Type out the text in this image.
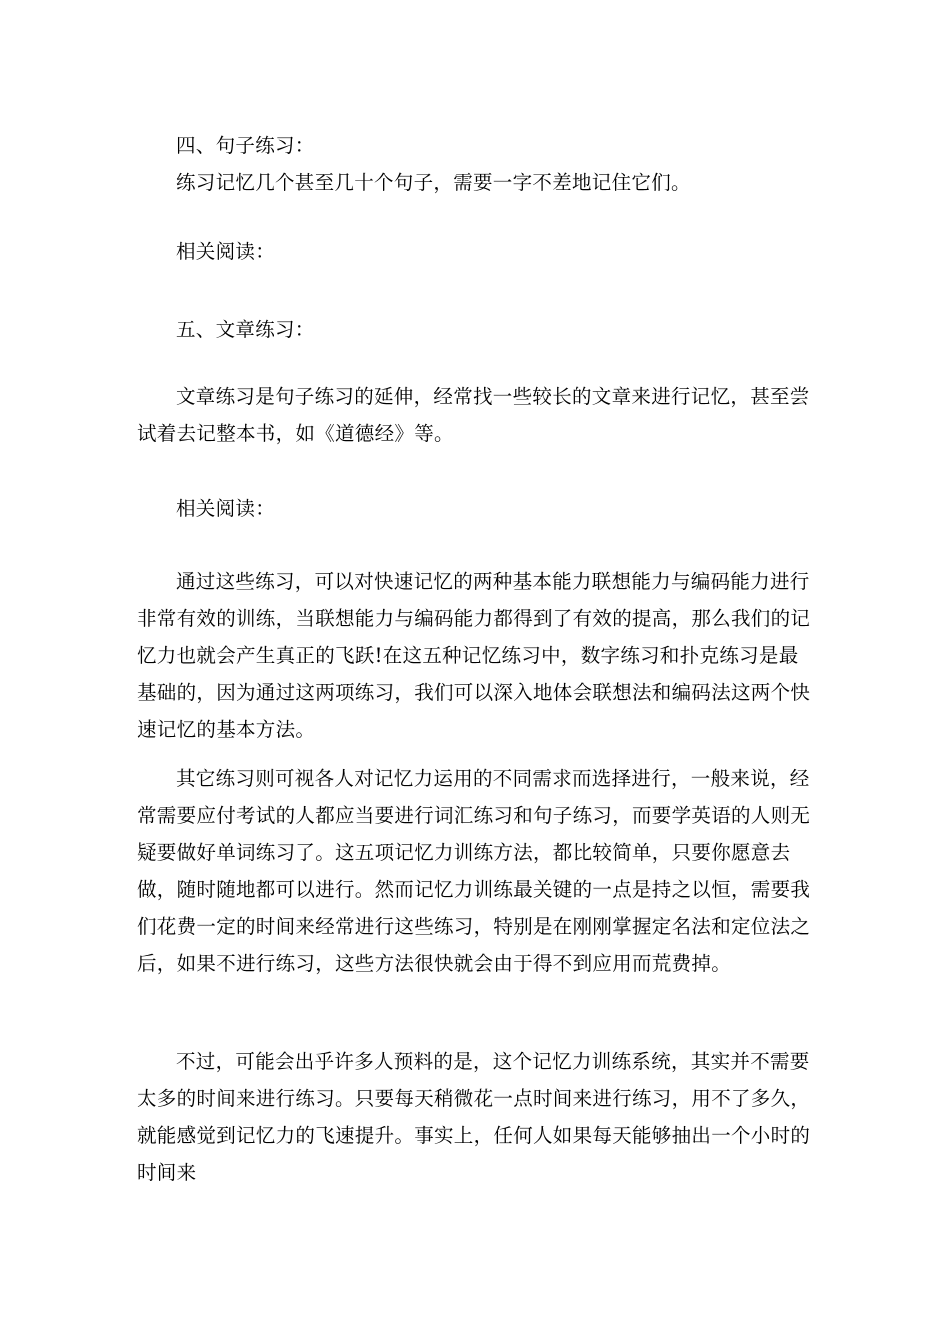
四、句子练习：

练习记忆几个甚至几十个句子，需要一字不差地记住它们。

相关阅读：

五、文章练习：

文章练习是句子练习的延伸，经常找一些较长的文章来进行记忆，甚至尝试着去记整本书，如《道德经》等。

相关阅读：

通过这些练习，可以对快速记忆的两种基本能力联想能力与编码能力进行非常有效的训练，当联想能力与编码能力都得到了有效的提高，那么我们的记忆力也就会产生真正的飞跃!在这五种记忆练习中，数字练习和扑克练习是最基础的，因为通过这两项练习，我们可以深入地体会联想法和编码法这两个快速记忆的基本方法。

其它练习则可视各人对记忆力运用的不同需求而选择进行，一般来说，经常需要应付考试的人都应当要进行词汇练习和句子练习，而要学英语的人则无疑要做好单词练习了。这五项记忆力训练方法，都比较简单，只要你愿意去做，随时随地都可以进行。然而记忆力训练最关键的一点是持之以恒，需要我们花费一定的时间来经常进行这些练习，特别是在刚刚掌握定名法和定位法之后，如果不进行练习，这些方法很快就会由于得不到应用而荒费掉。

不过，可能会出乎许多人预料的是，这个记忆力训练系统，其实并不需要太多的时间来进行练习。只要每天稍微花一点时间来进行练习，用不了多久，就能感觉到记忆力的飞速提升。事实上，任何人如果每天能够抽出一个小时的时间来
